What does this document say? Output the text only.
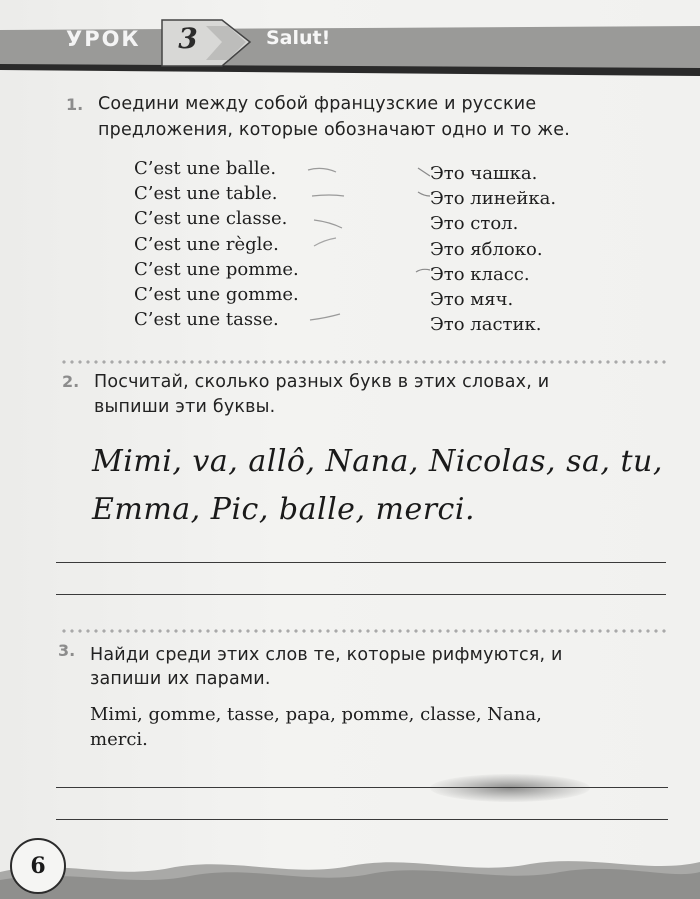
УРОК 3	Salut!
1. Соедини между собой французские и русские
предложения, которые обозначают одно и то же.
C’est une balle.
C’est une table.
C’est une classe.
C’est une règle.
C’est une pomme.
C’est une gomme.
C’est une tasse.
Это чашка.
Это линейка.
Это стол.
Это яблоко.
Это класс.
Это мяч.
Это ластик.
2. Посчитай, сколько разных букв в этих словах, и
выпиши эти буквы.
Mimi, va, allô, Nana, Nicolas, sa, tu,
Emma, Pic, balle, merci.
3. Найди среди этих слов те, которые рифмуются, и
запиши их парами.
Mimi, gomme, tasse, papa, pomme, classe, Nana,
merci.
6
